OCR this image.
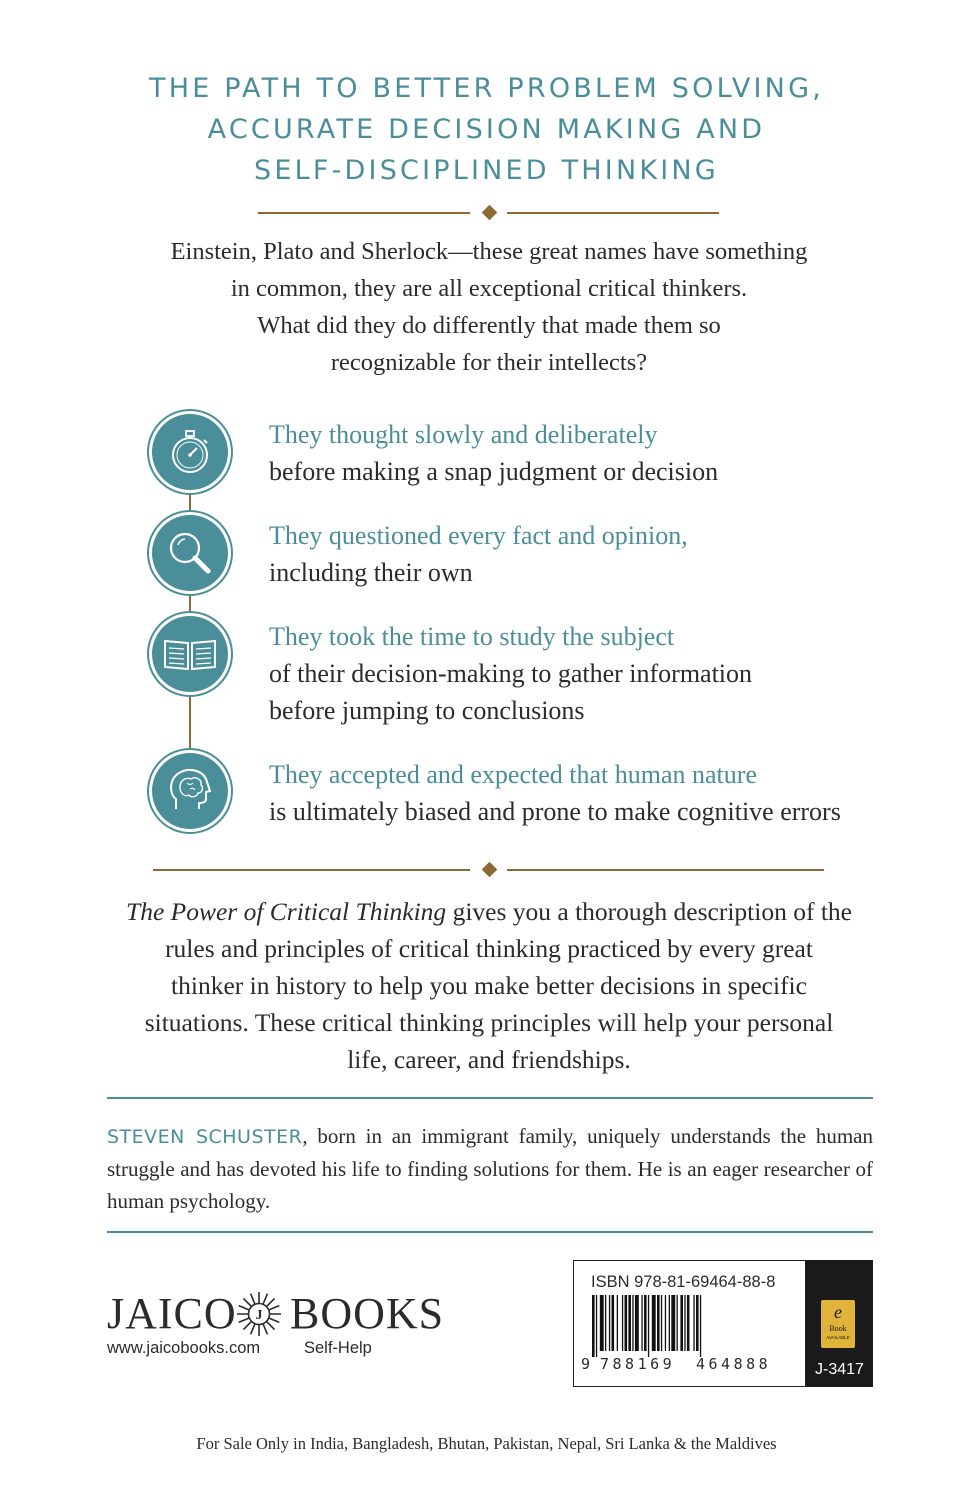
THE PATH TO BETTER PROBLEM SOLVING,
ACCURATE DECISION MAKING AND
SELF-DISCIPLINED THINKING
Einstein, Plato and Sherlock—these great names have something
in common, they are all exceptional critical thinkers.
What did they do differently that made them so
recognizable for their intellects?
They thought slowly and deliberately
before making a snap judgment or decision
They questioned every fact and opinion,
including their own
They took the time to study the subject
of their decision-making to gather information
before jumping to conclusions
They accepted and expected that human nature
is ultimately biased and prone to make cognitive errors
The Power of Critical Thinking gives you a thorough description of the
rules and principles of critical thinking practiced by every great
thinker in history to help you make better decisions in specific
situations. These critical thinking principles will help your personal
life, career, and friendships.
STEVEN SCHUSTER, born in an immigrant family, uniquely understands the human struggle and has devoted his life to finding solutions for them. He is an eager researcher of human psychology.
JAICO J BOOKS
www.jaicobooks.com	Self-Help
ISBN 978-81-69464-88-8
9 788169 464888
e
Book
AVAILABLE
J-3417
For Sale Only in India, Bangladesh, Bhutan, Pakistan, Nepal, Sri Lanka & the Maldives
